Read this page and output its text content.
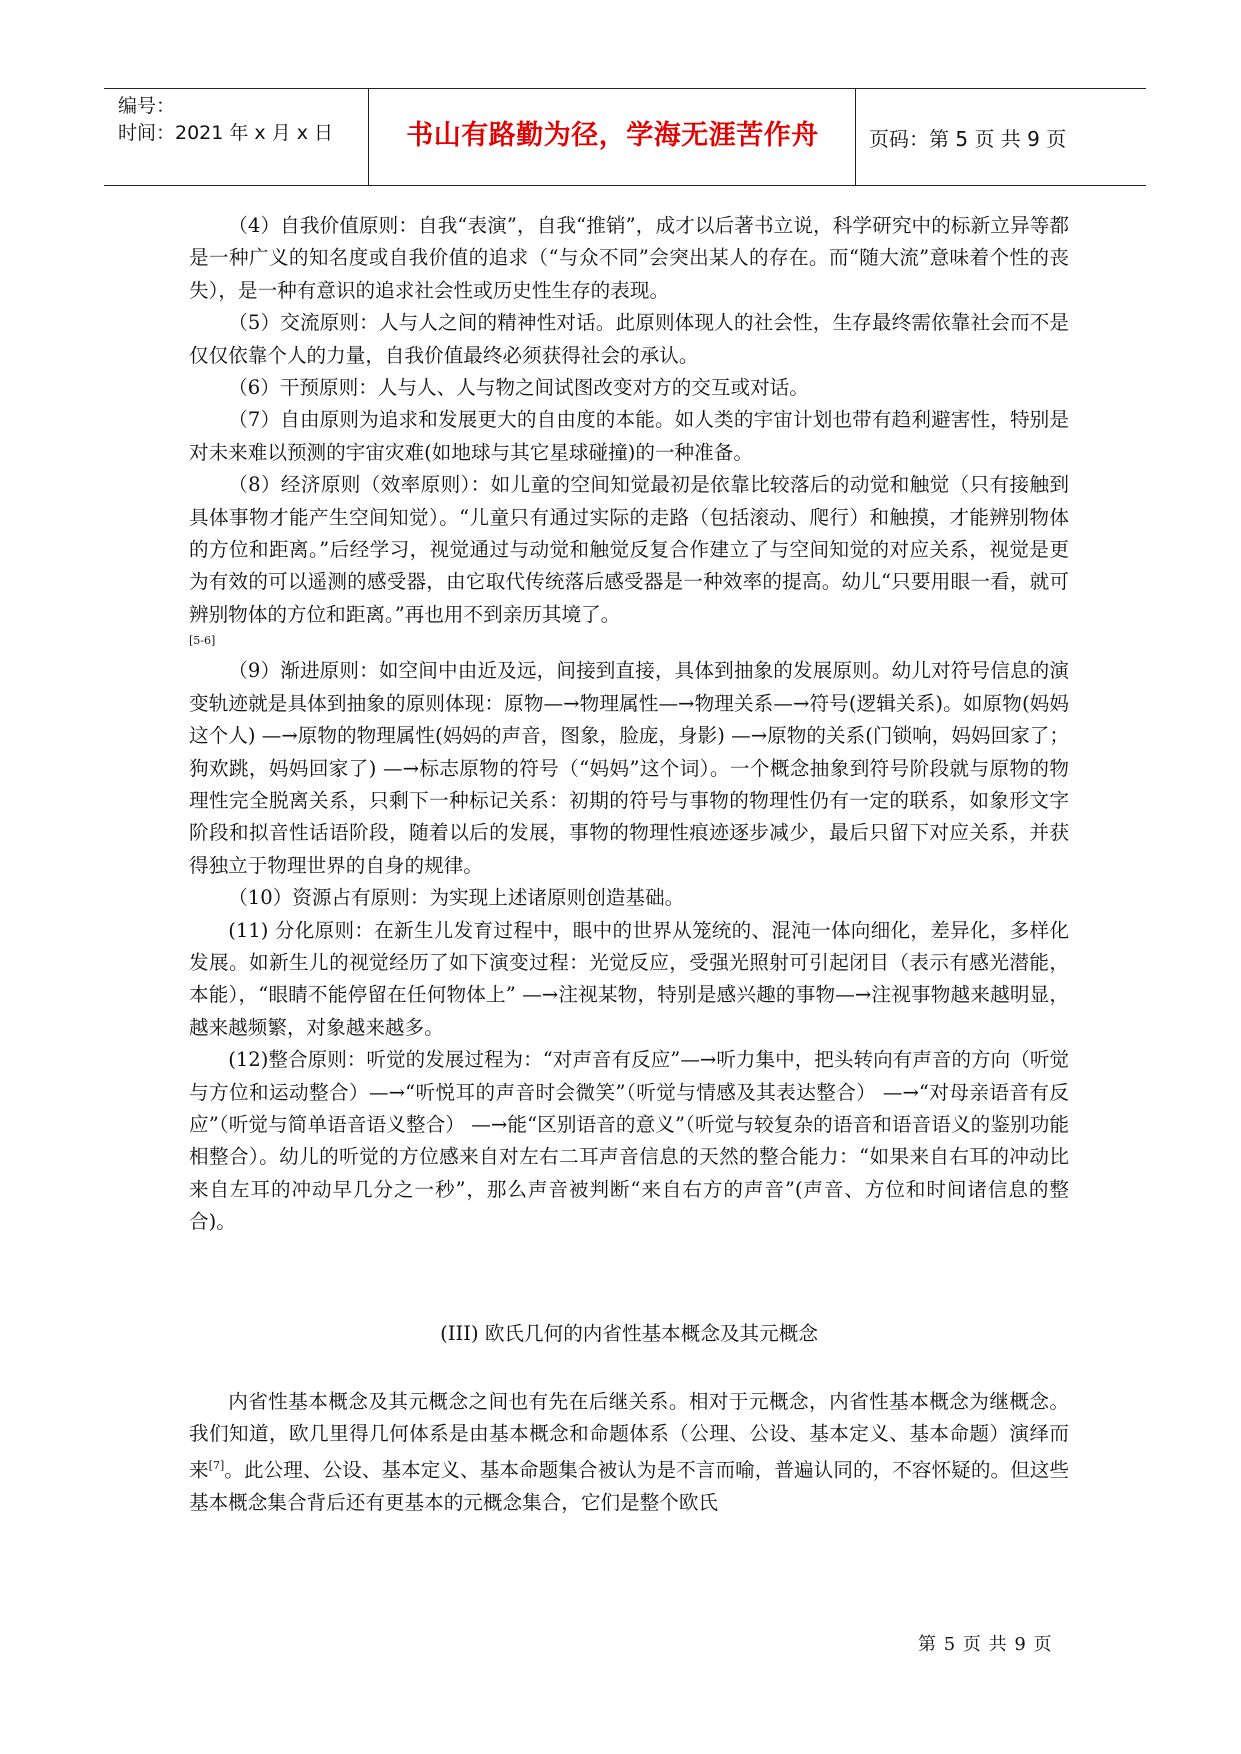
编号：
时间：2021 年 x 月 x 日	书山有路勤为径，学海无涯苦作舟	页码：第 5 页 共 9 页

（4）自我价值原则：自我“表演”，自我“推销”，成才以后著书立说，科学研究中的标新立异等都是一种广义的知名度或自我价值的追求（“与众不同”会突出某人的存在。而“随大流”意味着个性的丧失），是一种有意识的追求社会性或历史性生存的表现。

（5）交流原则：人与人之间的精神性对话。此原则体现人的社会性，生存最终需依靠社会而不是仅仅依靠个人的力量，自我价值最终必须获得社会的承认。

（6）干预原则：人与人、人与物之间试图改变对方的交互或对话。

（7）自由原则为追求和发展更大的自由度的本能。如人类的宇宙计划也带有趋利避害性，特别是对未来难以预测的宇宙灾难(如地球与其它星球碰撞)的一种准备。

（8）经济原则（效率原则）：如儿童的空间知觉最初是依靠比较落后的动觉和触觉（只有接触到具体事物才能产生空间知觉）。“儿童只有通过实际的走路（包括滚动、爬行）和触摸，才能辨别物体的方位和距离。”后经学习，视觉通过与动觉和触觉反复合作建立了与空间知觉的对应关系，视觉是更为有效的可以遥测的感受器，由它取代传统落后感受器是一种效率的提高。幼儿“只要用眼一看，就可辨别物体的方位和距离。”再也用不到亲历其境了。

[5-6]

（9）渐进原则：如空间中由近及远，间接到直接，具体到抽象的发展原则。幼儿对符号信息的演变轨迹就是具体到抽象的原则体现：原物—→物理属性—→物理关系—→符号(逻辑关系)。如原物(妈妈这个人) —→原物的物理属性(妈妈的声音，图象，脸庞，身影) —→原物的关系(门锁响，妈妈回家了；狗欢跳，妈妈回家了) —→标志原物的符号（“妈妈”这个词）。一个概念抽象到符号阶段就与原物的物理性完全脱离关系，只剩下一种标记关系：初期的符号与事物的物理性仍有一定的联系，如象形文字阶段和拟音性话语阶段，随着以后的发展，事物的物理性痕迹逐步减少，最后只留下对应关系，并获得独立于物理世界的自身的规律。

（10）资源占有原则：为实现上述诸原则创造基础。

(11) 分化原则：在新生儿发育过程中，眼中的世界从笼统的、混沌一体向细化，差异化，多样化发展。如新生儿的视觉经历了如下演变过程：光觉反应，受强光照射可引起闭目（表示有感光潜能，本能），“眼睛不能停留在任何物体上” —→注视某物，特别是感兴趣的事物—→注视事物越来越明显，越来越频繁，对象越来越多。

(12)整合原则：听觉的发展过程为：“对声音有反应”—→听力集中，把头转向有声音的方向（听觉与方位和运动整合）—→“听悦耳的声音时会微笑”（听觉与情感及其表达整合） —→“对母亲语音有反应”（听觉与简单语音语义整合） —→能“区别语音的意义”（听觉与较复杂的语音和语音语义的鉴别功能相整合）。幼儿的听觉的方位感来自对左右二耳声音信息的天然的整合能力：“如果来自右耳的冲动比来自左耳的冲动早几分之一秒”，那么声音被判断“来自右方的声音”(声音、方位和时间诸信息的整合)。

(III) 欧氏几何的内省性基本概念及其元概念

内省性基本概念及其元概念之间也有先在后继关系。相对于元概念，内省性基本概念为继概念。我们知道，欧几里得几何体系是由基本概念和命题体系（公理、公设、基本定义、基本命题）演绎而来[7]。此公理、公设、基本定义、基本命题集合被认为是不言而喻，普遍认同的，不容怀疑的。但这些基本概念集合背后还有更基本的元概念集合，它们是整个欧氏

第 5 页 共 9 页
